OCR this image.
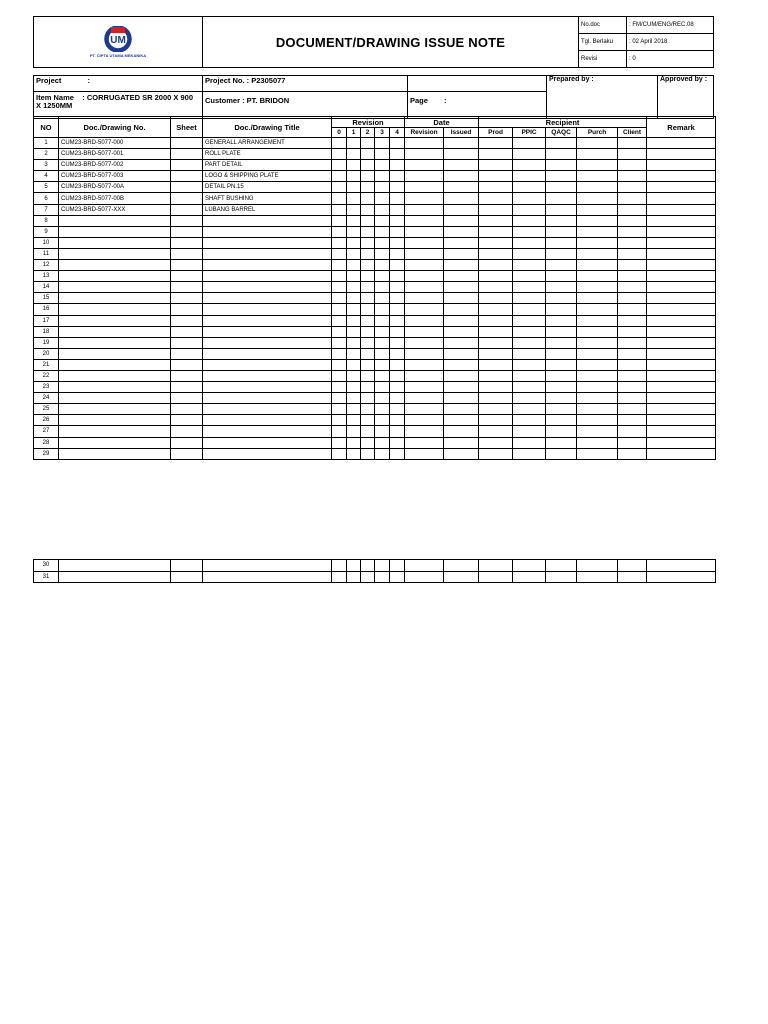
UM
PT. CIPTA UTAMA MEKANIKA	DOCUMENT/DRAWING ISSUE NOTE	No.doc	: FM/CUM/ENG/REC.08
		Tgl. Berlaku	: 02 April 2018
		Revisi	: 0
Project :	Project No. : P2305077		Prepared by :	Approved by :
Item Name : CORRUGATED SR 2000 X 900
X 1250MM	Customer : PT. BRIDON	Page :		
NO	Doc./Drawing No.	Sheet	Doc./Drawing Title	Revision					Date		Recipient					Remark
				0	1	2	3	4	Revision	Issued	Prod	PPIC	QAQC	Purch	Client	
1	CUM23-BRD-5077-000		GENERALL ARRANGEMENT													
2	CUM23-BRD-5077-001		ROLL PLATE													
3	CUM23-BRD-5077-002		PART DETAIL													
4	CUM23-BRD-5077-003		LOGO & SHIPPING PLATE													
5	CUM23-BRD-5077-00A		DETAIL PN.15													
6	CUM23-BRD-5077-00B		SHAFT BUSHING													
7	CUM23-BRD-5077-XXX		LUBANG BARREL													
8																
9																
10																
11																
12																
13																
14																
15																
16																
17																
18																
19																
20																
21																
22																
23																
24																
25																
26																
27																
28																
29																
30																
31																
